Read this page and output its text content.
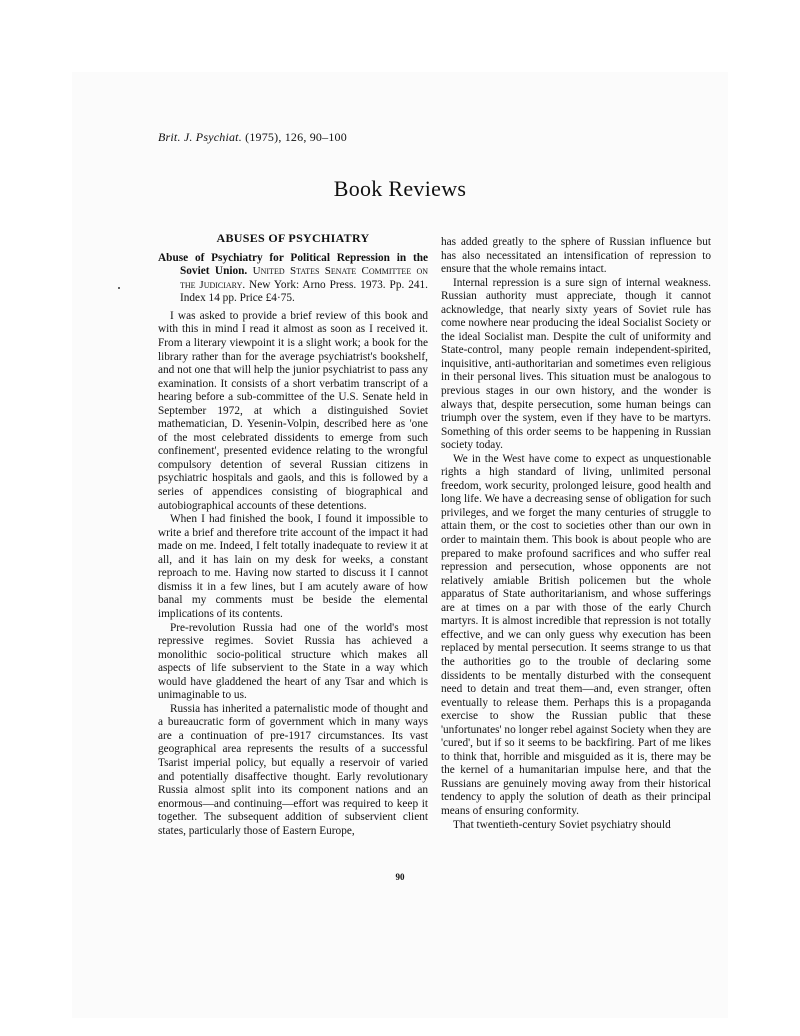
Brit. J. Psychiat. (1975), 126, 90–100
Book Reviews
ABUSES OF PSYCHIATRY
Abuse of Psychiatry for Political Repression in the Soviet Union. United States Senate Committee on the Judiciary. New York: Arno Press. 1973. Pp. 241. Index 14 pp. Price £4·75.

I was asked to provide a brief review of this book and with this in mind I read it almost as soon as I received it. From a literary viewpoint it is a slight work; a book for the library rather than for the average psychiatrist's bookshelf, and not one that will help the junior psychiatrist to pass any examination. It consists of a short verbatim transcript of a hearing before a sub-committee of the U.S. Senate held in September 1972, at which a distinguished Soviet mathematician, D. Yesenin-Volpin, described here as 'one of the most celebrated dissidents to emerge from such confinement', presented evidence relating to the wrongful compulsory detention of several Russian citizens in psychiatric hospitals and gaols, and this is followed by a series of appendices consisting of biographical and autobiographical accounts of these detentions.

When I had finished the book, I found it impossible to write a brief and therefore trite account of the impact it had made on me. Indeed, I felt totally inadequate to review it at all, and it has lain on my desk for weeks, a constant reproach to me. Having now started to discuss it I cannot dismiss it in a few lines, but I am acutely aware of how banal my comments must be beside the elemental implications of its contents.

Pre-revolution Russia had one of the world's most repressive regimes. Soviet Russia has achieved a monolithic socio-political structure which makes all aspects of life subservient to the State in a way which would have gladdened the heart of any Tsar and which is unimaginable to us.

Russia has inherited a paternalistic mode of thought and a bureaucratic form of government which in many ways are a continuation of pre-1917 circumstances. Its vast geographical area represents the results of a successful Tsarist imperial policy, but equally a reservoir of varied and potentially disaffective thought. Early revolutionary Russia almost split into its component nations and an enormous—and continuing—effort was required to keep it together. The subsequent addition of subservient client states, particularly those of Eastern Europe,

has added greatly to the sphere of Russian influence but has also necessitated an intensification of repression to ensure that the whole remains intact.

Internal repression is a sure sign of internal weakness. Russian authority must appreciate, though it cannot acknowledge, that nearly sixty years of Soviet rule has come nowhere near producing the ideal Socialist Society or the ideal Socialist man. Despite the cult of uniformity and State-control, many people remain independent-spirited, inquisitive, anti-authoritarian and sometimes even religious in their personal lives. This situation must be analogous to previous stages in our own history, and the wonder is always that, despite persecution, some human beings can triumph over the system, even if they have to be martyrs. Something of this order seems to be happening in Russian society today.

We in the West have come to expect as unquestionable rights a high standard of living, unlimited personal freedom, work security, prolonged leisure, good health and long life. We have a decreasing sense of obligation for such privileges, and we forget the many centuries of struggle to attain them, or the cost to societies other than our own in order to maintain them. This book is about people who are prepared to make profound sacrifices and who suffer real repression and persecution, whose opponents are not relatively amiable British policemen but the whole apparatus of State authoritarianism, and whose sufferings are at times on a par with those of the early Church martyrs. It is almost incredible that repression is not totally effective, and we can only guess why execution has been replaced by mental persecution. It seems strange to us that the authorities go to the trouble of declaring some dissidents to be mentally disturbed with the consequent need to detain and treat them—and, even stranger, often eventually to release them. Perhaps this is a propaganda exercise to show the Russian public that these 'unfortunates' no longer rebel against Society when they are 'cured', but if so it seems to be backfiring. Part of me likes to think that, horrible and misguided as it is, there may be the kernel of a humanitarian impulse here, and that the Russians are genuinely moving away from their historical tendency to apply the solution of death as their principal means of ensuring conformity.

That twentieth-century Soviet psychiatry should

90
